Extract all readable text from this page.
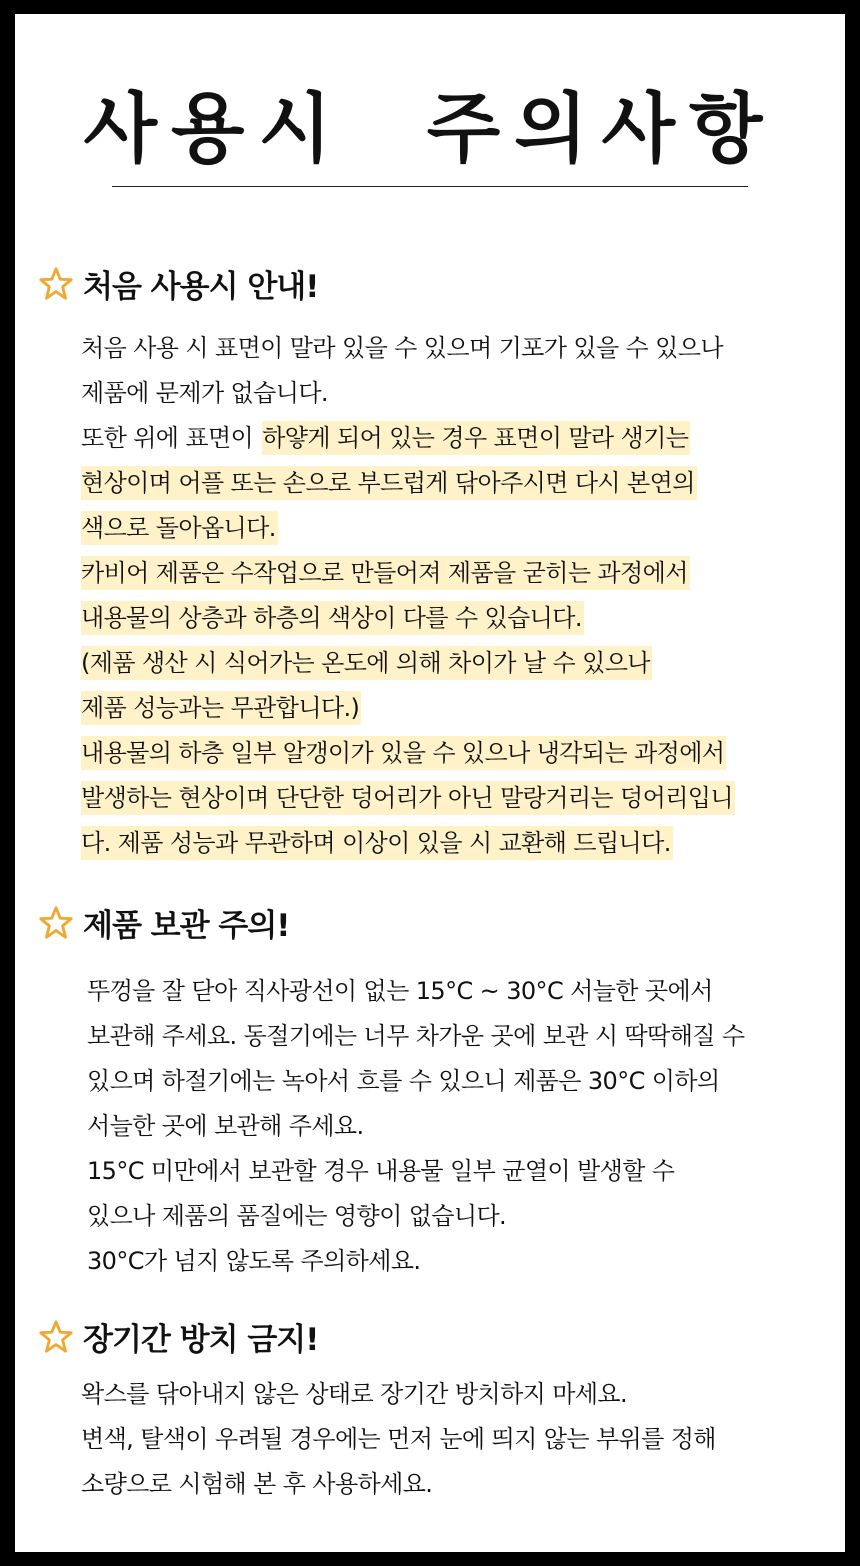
사용시  주의사항
처음 사용시 안내!
처음 사용 시 표면이 말라 있을 수 있으며 기포가 있을 수 있으나
제품에 문제가 없습니다.
또한 위에 표면이 하얗게 되어 있는 경우 표면이 말라 생기는
현상이며 어플 또는 손으로 부드럽게 닦아주시면 다시 본연의
색으로 돌아옵니다.
카비어 제품은 수작업으로 만들어져 제품을 굳히는 과정에서
내용물의 상층과 하층의 색상이 다를 수 있습니다.
(제품 생산 시 식어가는 온도에 의해 차이가 날 수 있으나
제품 성능과는 무관합니다.)
내용물의 하층 일부 알갱이가 있을 수 있으나 냉각되는 과정에서
발생하는 현상이며 단단한 덩어리가 아닌 말랑거리는 덩어리입니
다. 제품 성능과 무관하며 이상이 있을 시 교환해 드립니다.
제품 보관 주의!
뚜껑을 잘 닫아 직사광선이 없는 15°C ~ 30°C 서늘한 곳에서
보관해 주세요. 동절기에는 너무 차가운 곳에 보관 시 딱딱해질 수
있으며 하절기에는 녹아서 흐를 수 있으니 제품은 30°C 이하의
서늘한 곳에 보관해 주세요.
15°C 미만에서 보관할 경우 내용물 일부 균열이 발생할 수
있으나 제품의 품질에는 영향이 없습니다.
30°C가 넘지 않도록 주의하세요.
장기간 방치 금지!
왁스를 닦아내지 않은 상태로 장기간 방치하지 마세요.
변색, 탈색이 우려될 경우에는 먼저 눈에 띄지 않는 부위를 정해
소량으로 시험해 본 후 사용하세요.
